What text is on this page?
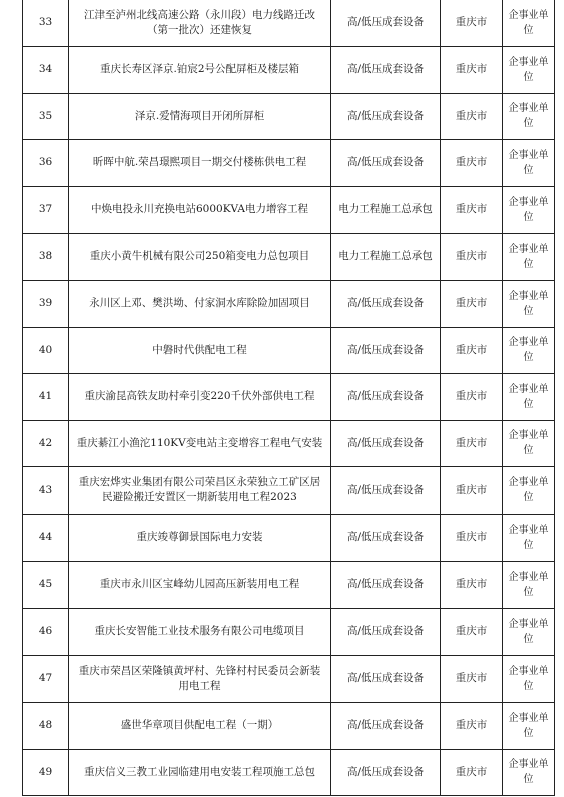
33	江津至泸州北线高速公路（永川段）电力线路迁改（第一批次）还建恢复	高/低压成套设备	重庆市	企事业单位
34	重庆长寿区泽京.铂宸2号公配屏柜及楼层箱	高/低压成套设备	重庆市	企事业单位
35	泽京.爱情海项目开闭所屏柜	高/低压成套设备	重庆市	企事业单位
36	昕晖中航.荣昌璟熙项目一期交付楼栋供电工程	高/低压成套设备	重庆市	企事业单位
37	中焕电投永川充换电站6000KVA电力增容工程	电力工程施工总承包	重庆市	企事业单位
38	重庆小黄牛机械有限公司250箱变电力总包项目	电力工程施工总承包	重庆市	企事业单位
39	永川区上邓、樊洪坳、付家洞水库除险加固项目	高/低压成套设备	重庆市	企事业单位
40	中磐时代供配电工程	高/低压成套设备	重庆市	企事业单位
41	重庆渝昆高铁友助村牵引变220千伏外部供电工程	高/低压成套设备	重庆市	企事业单位
42	重庆綦江小渔沱110KV变电站主变增容工程电气安装	高/低压成套设备	重庆市	企事业单位
43	重庆宏烨实业集团有限公司荣昌区永荣独立工矿区居民避险搬迁安置区一期新装用电工程2023	高/低压成套设备	重庆市	企事业单位
44	重庆竣尊御景国际电力安装	高/低压成套设备	重庆市	企事业单位
45	重庆市永川区宝峰幼儿园高压新装用电工程	高/低压成套设备	重庆市	企事业单位
46	重庆长安智能工业技术服务有限公司电缆项目	高/低压成套设备	重庆市	企事业单位
47	重庆市荣昌区荣隆镇黄坪村、先锋村村民委员会新装用电工程	高/低压成套设备	重庆市	企事业单位
48	盛世华章项目供配电工程（一期）	高/低压成套设备	重庆市	企事业单位
49	重庆信义三教工业园临建用电安装工程项施工总包	高/低压成套设备	重庆市	企事业单位
